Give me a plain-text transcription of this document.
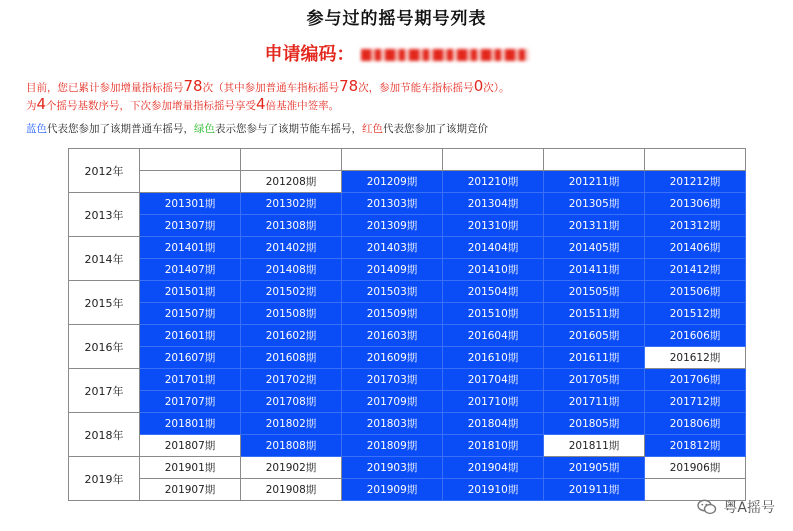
参与过的摇号期号列表
申请编码：
目前，您已累计参加增量指标摇号78次（其中参加普通车指标摇号78次，参加节能车指标摇号0次）。
为4个摇号基数序号，下次参加增量指标摇号享受4倍基准中签率。
蓝色代表您参加了该期普通车摇号，绿色表示您参与了该期节能车摇号，红色代表您参加了该期竞价
2012年						
		201208期	201209期	201210期	201211期	201212期
2013年	201301期	201302期	201303期	201304期	201305期	201306期
	201307期	201308期	201309期	201310期	201311期	201312期
2014年	201401期	201402期	201403期	201404期	201405期	201406期
	201407期	201408期	201409期	201410期	201411期	201412期
2015年	201501期	201502期	201503期	201504期	201505期	201506期
	201507期	201508期	201509期	201510期	201511期	201512期
2016年	201601期	201602期	201603期	201604期	201605期	201606期
	201607期	201608期	201609期	201610期	201611期	201612期
2017年	201701期	201702期	201703期	201704期	201705期	201706期
	201707期	201708期	201709期	201710期	201711期	201712期
2018年	201801期	201802期	201803期	201804期	201805期	201806期
	201807期	201808期	201809期	201810期	201811期	201812期
2019年	201901期	201902期	201903期	201904期	201905期	201906期
	201907期	201908期	201909期	201910期	201911期	
粤A摇号
